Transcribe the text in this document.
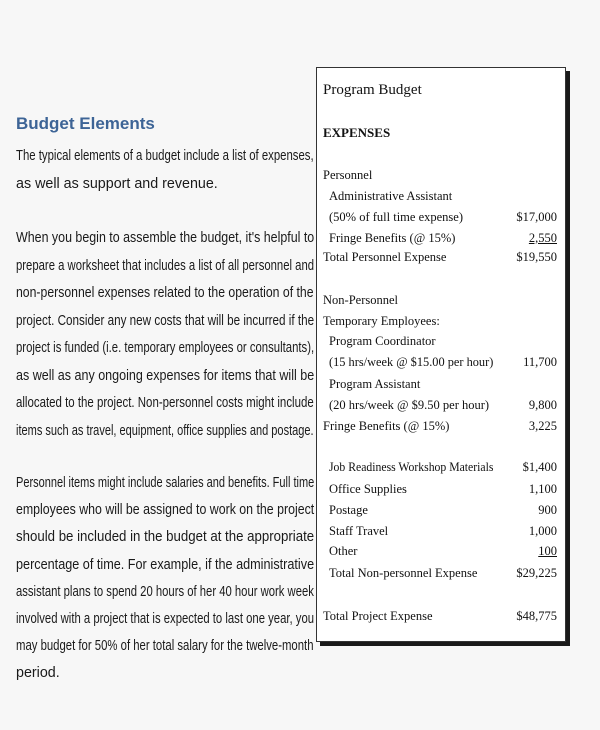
Budget Elements
The typical elements of a budget include a list of expenses,
as well as support and revenue.
When you begin to assemble the budget, it's helpful to
prepare a worksheet that includes a list of all personnel and
non-personnel expenses related to the operation of the
project. Consider any new costs that will be incurred if the
project is funded (i.e. temporary employees or consultants),
as well as any ongoing expenses for items that will be
allocated to the project. Non-personnel costs might include
items such as travel, equipment, office supplies and postage.
Personnel items might include salaries and benefits. Full time
employees who will be assigned to work on the project
should be included in the budget at the appropriate
percentage of time. For example, if the administrative
assistant plans to spend 20 hours of her 40 hour work week
involved with a project that is expected to last one year, you
may budget for 50% of her total salary for the twelve-month
period.
Program Budget
EXPENSES
Personnel
Administrative Assistant
(50% of full time expense)	$17,000
Fringe Benefits (@ 15%)	2,550
Total Personnel Expense	$19,550
Non-Personnel
Temporary Employees:
Program Coordinator
(15 hrs/week @ $15.00 per hour) 11,700
Program Assistant
(20 hrs/week @ $9.50 per hour)	9,800
Fringe Benefits (@ 15%)	3,225
Job Readiness Workshop Materials $1,400
Office Supplies	1,100
Postage	900
Staff Travel	1,000
Other	100
Total Non-personnel Expense	$29,225
Total Project Expense	$48,775
